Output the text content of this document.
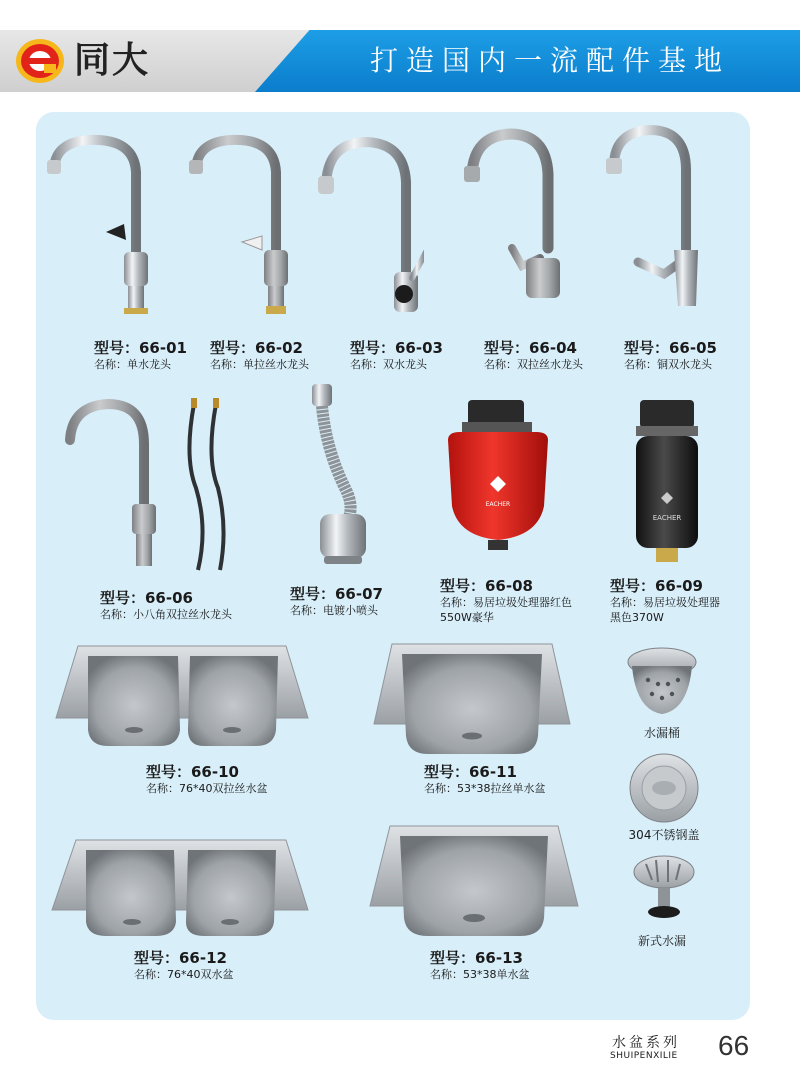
同大	打造国内一流配件基地
型号：66-01
名称：单水龙头
型号：66-02
名称：单拉丝水龙头
型号：66-03
名称：双水龙头
型号：66-04
名称：双拉丝水龙头
型号：66-05
名称：铜双水龙头
EACHER
EACHER
型号：66-06
名称：小八角双拉丝水龙头
型号：66-07
名称：电镀小喷头
型号：66-08
名称：易居垃圾处理器红色
550W豪华
型号：66-09
名称：易居垃圾处理器
黑色370W
型号：66-10
名称：76*40双拉丝水盆
型号：66-11
名称：53*38拉丝单水盆
型号：66-12
名称：76*40双水盆
型号：66-13
名称：53*38单水盆
水漏桶
304不锈钢盖
新式水漏
水盆系列
SHUIPENXILIE 66
